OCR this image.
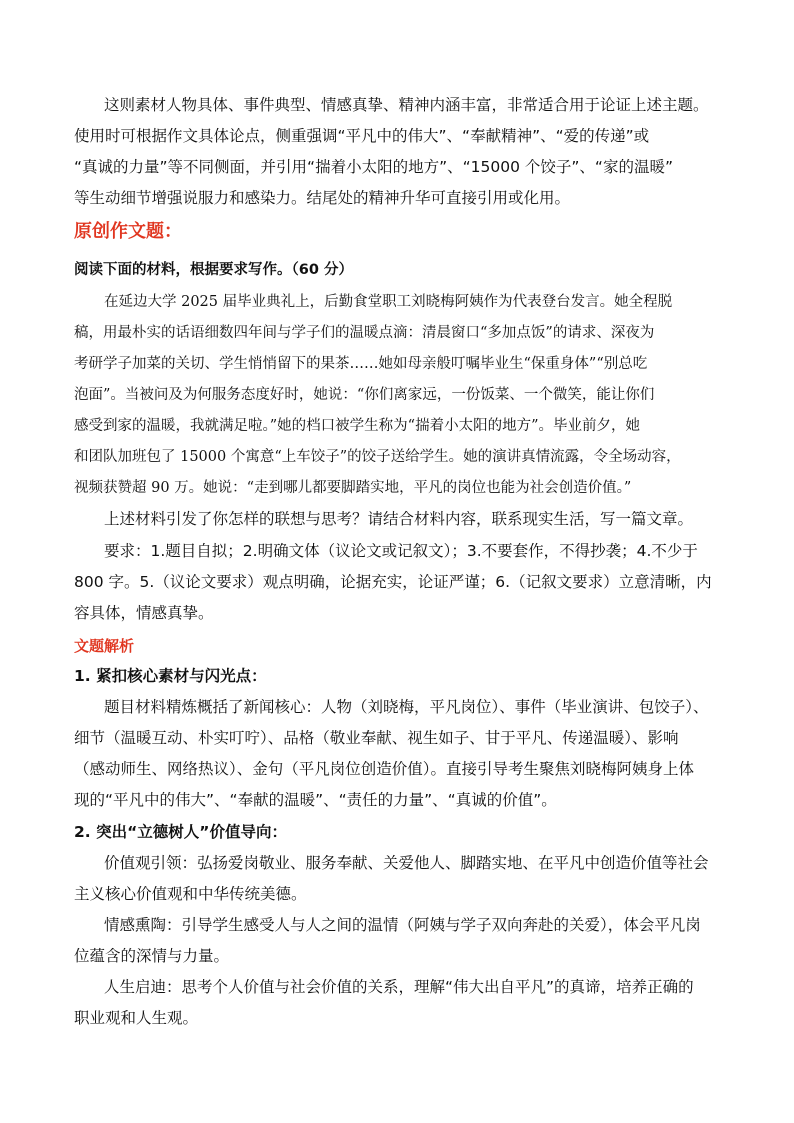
这则素材人物具体、事件典型、情感真挚、精神内涵丰富，非常适合用于论证上述主题。
使用时可根据作文具体论点，侧重强调“平凡中的伟大”、“奉献精神”、“爱的传递”或
“真诚的力量”等不同侧面，并引用“揣着小太阳的地方”、“15000 个饺子”、“家的温暖”
等生动细节增强说服力和感染力。结尾处的精神升华可直接引用或化用。
原创作文题：
阅读下面的材料，根据要求写作。（60 分）
在延边大学 2025 届毕业典礼上，后勤食堂职工刘晓梅阿姨作为代表登台发言。她全程脱
稿，用最朴实的话语细数四年间与学子们的温暖点滴：清晨窗口“多加点饭”的请求、深夜为
考研学子加菜的关切、学生悄悄留下的果茶……她如母亲般叮嘱毕业生“保重身体”“别总吃
泡面”。当被问及为何服务态度好时，她说：“你们离家远，一份饭菜、一个微笑，能让你们
感受到家的温暖，我就满足啦。”她的档口被学生称为“揣着小太阳的地方”。毕业前夕，她
和团队加班包了 15000 个寓意“上车饺子”的饺子送给学生。她的演讲真情流露，令全场动容，
视频获赞超 90 万。她说：“走到哪儿都要脚踏实地，平凡的岗位也能为社会创造价值。”
上述材料引发了你怎样的联想与思考？请结合材料内容，联系现实生活，写一篇文章。
要求：1.题目自拟；2.明确文体（议论文或记叙文）；3.不要套作，不得抄袭；4.不少于
800 字。5.（议论文要求）观点明确，论据充实，论证严谨；6.（记叙文要求）立意清晰，内
容具体，情感真挚。
文题解析
1. 紧扣核心素材与闪光点：
题目材料精炼概括了新闻核心：人物（刘晓梅，平凡岗位）、事件（毕业演讲、包饺子）、
细节（温暖互动、朴实叮咛）、品格（敬业奉献、视生如子、甘于平凡、传递温暖）、影响
（感动师生、网络热议）、金句（平凡岗位创造价值）。直接引导考生聚焦刘晓梅阿姨身上体
现的“平凡中的伟大”、“奉献的温暖”、“责任的力量”、“真诚的价值”。
2. 突出“立德树人”价值导向：
价值观引领：弘扬爱岗敬业、服务奉献、关爱他人、脚踏实地、在平凡中创造价值等社会
主义核心价值观和中华传统美德。
情感熏陶：引导学生感受人与人之间的温情（阿姨与学子双向奔赴的关爱），体会平凡岗
位蕴含的深情与力量。
人生启迪：思考个人价值与社会价值的关系，理解“伟大出自平凡”的真谛，培养正确的
职业观和人生观。
